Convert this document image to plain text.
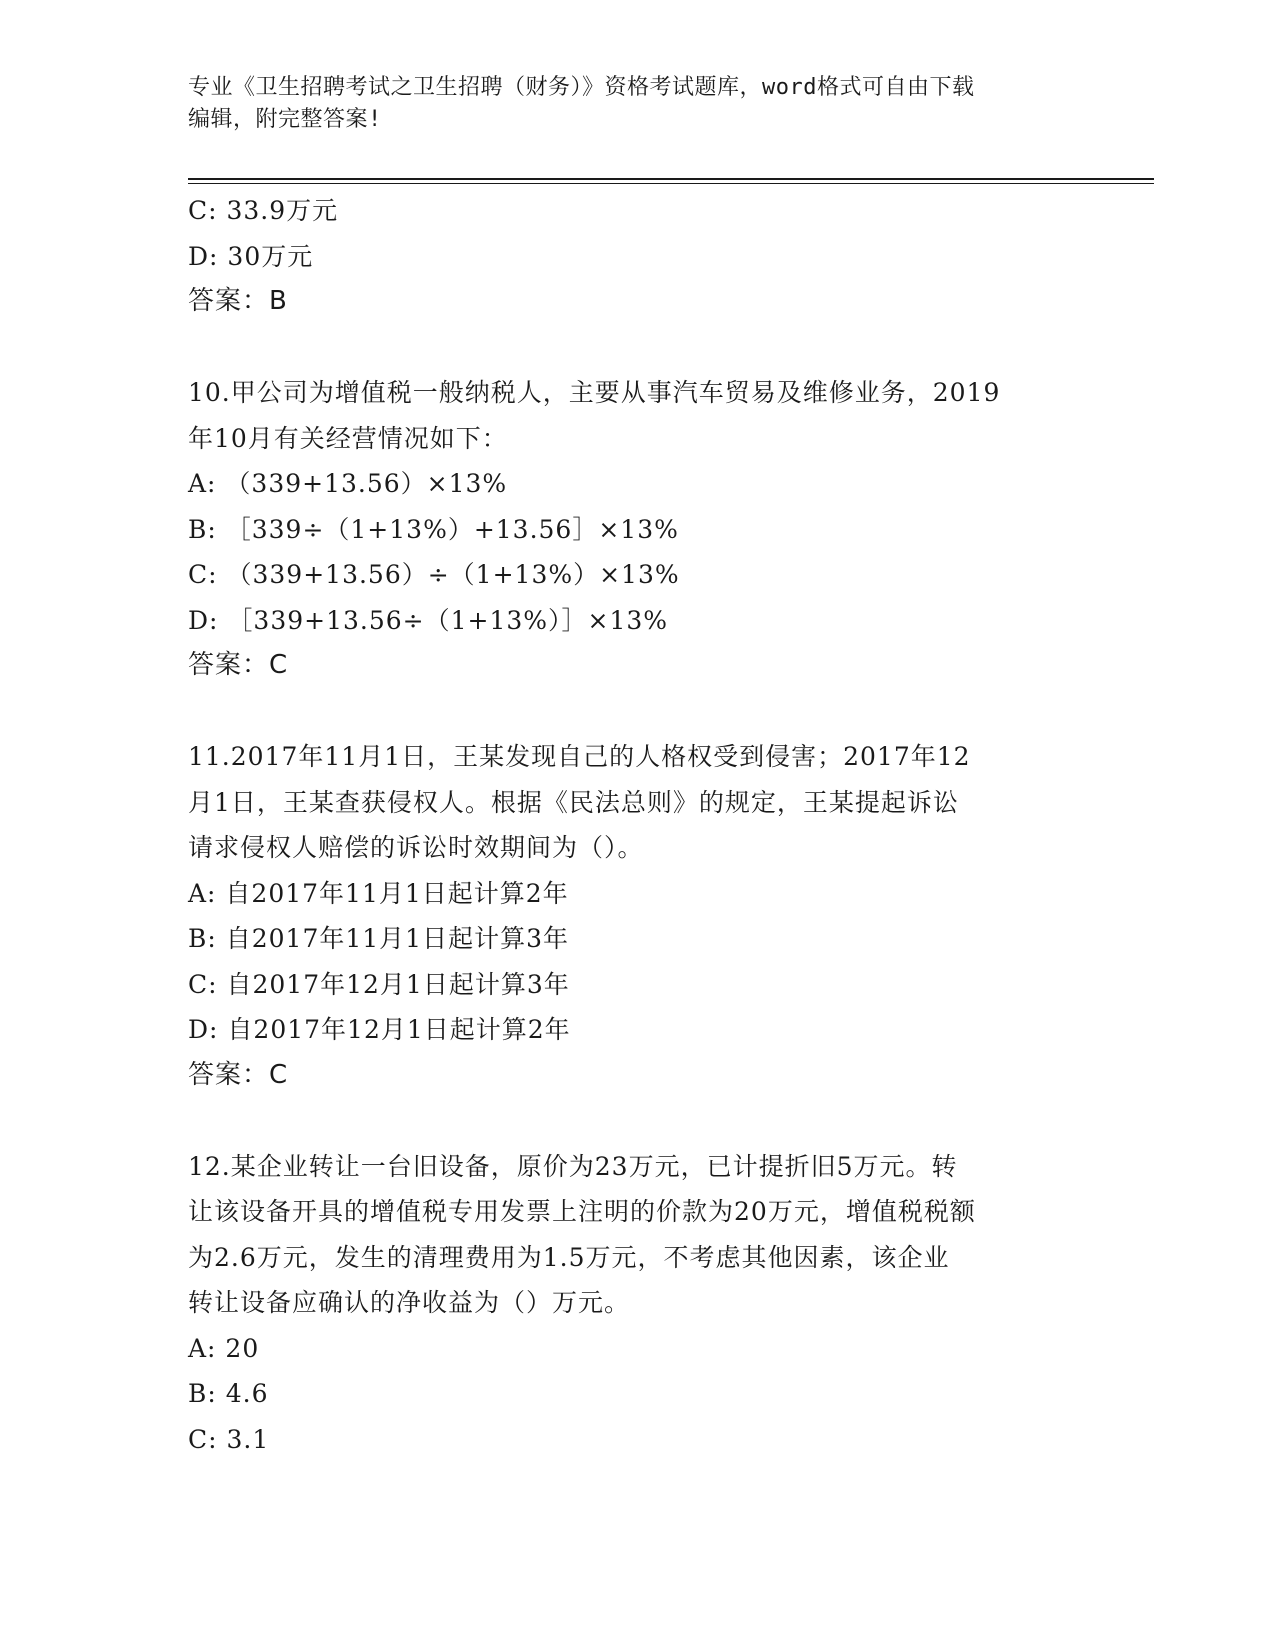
专业《卫生招聘考试之卫生招聘（财务）》资格考试题库，word格式可自由下载
编辑，附完整答案!
C: 33.9万元
D: 30万元
答案：B
10.甲公司为增值税一般纳税人，主要从事汽车贸易及维修业务，2019
年10月有关经营情况如下：
A: （339+13.56）×13%
B: ［339÷（1+13%）+13.56］×13%
C: （339+13.56）÷（1+13%）×13%
D: ［339+13.56÷（1+13%）］×13%
答案：C
11.2017年11月1日，王某发现自己的人格权受到侵害；2017年12
月1日，王某查获侵权人。根据《民法总则》的规定，王某提起诉讼
请求侵权人赔偿的诉讼时效期间为（）。
A: 自2017年11月1日起计算2年
B: 自2017年11月1日起计算3年
C: 自2017年12月1日起计算3年
D: 自2017年12月1日起计算2年
答案：C
12.某企业转让一台旧设备，原价为23万元，已计提折旧5万元。转
让该设备开具的增值税专用发票上注明的价款为20万元，增值税税额
为2.6万元，发生的清理费用为1.5万元，不考虑其他因素，该企业
转让设备应确认的净收益为（）万元。
A: 20
B: 4.6
C: 3.1
